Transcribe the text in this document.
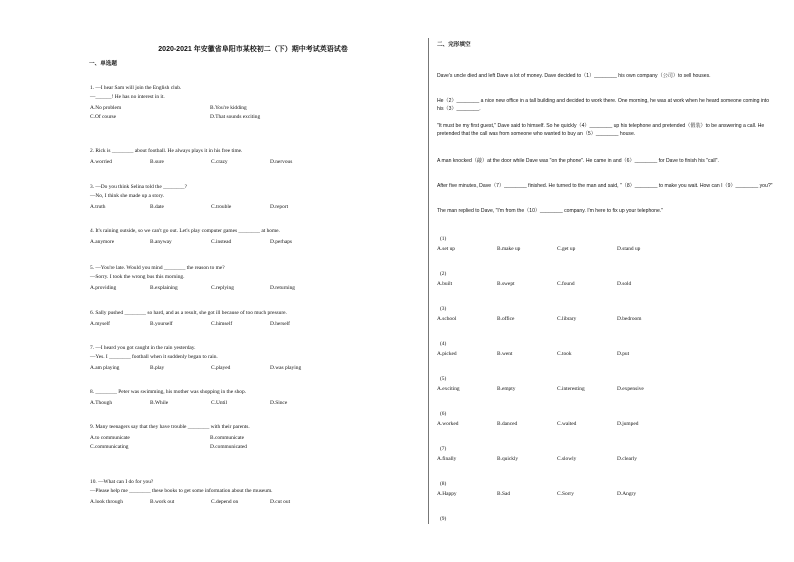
2020-2021 年安徽省阜阳市某校初二（下）期中考试英语试卷
一、单选题
1. —I hear Sam will join the English club.
—______! He has no interest in it.
A.No problem	B.You're kidding
C.Of course	D.That sounds exciting
2. Rick is ________ about football. He always plays it in his free time.
A.worried	B.sure	C.crazy	D.nervous
3. —Do you think Selina told the ________?
—No, I think she made up a story.
A.truth	B.date	C.trouble	D.report
4. It's raining outside, so we can't go out. Let's play computer games ________ at home.
A.anymore	B.anyway	C.instead	D.perhaps
5. —You're late. Would you mind ________ the reason to me?
—Sorry. I took the wrong bus this morning.
A.providing	B.explaining	C.replying	D.returning
6. Sally pushed ________ so hard, and as a result, she got ill because of too much pressure.
A.myself	B.yourself	C.himself	D.herself
7. —I heard you got caught in the rain yesterday.
—Yes. I ________ football when it suddenly began to rain.
A.am playing	B.play	C.played	D.was playing
8. ________ Peter was swimming, his mother was shopping in the shop.
A.Though	B.While	C.Until	D.Since
9. Many teenagers say that they have trouble ________ with their parents.
A.to communicate	B.communicate
C.communicating	D.communicated
10. —What can I do for you?
—Please help me ________ these books to get some information about the museum.
A.look through	B.work out	C.depend on	D.cut out
二、完形填空
Dave's uncle died and left Dave a lot of money. Dave decided to（1）________ his own company（公司）to sell houses.
He（2）________ a nice new office in a tall building and decided to work there. One morning, he was at work when he heard someone coming into his（3）________.
"It must be my first guest," Dave said to himself. So he quickly（4）________ up his telephone and pretended（假装）to be answering a call. He pretended that the call was from someone who wanted to buy an（5）________ house.
A man knocked（敲）at the door while Dave was "on the phone". He came in and（6）________ for Dave to finish his "call".
After five minutes, Dave（7）________ finished. He turned to the man and said, "（8）________ to make you wait. How can I（9）________ you?"
The man replied to Dave, "I'm from the（10）________ company. I'm here to fix up your telephone."
(1)
A.set up	B.make up	C.get up	D.stand up
(2)
A.built	B.swept	C.found	D.sold
(3)
A.school	B.office	C.library	D.bedroom
(4)
A.picked	B.went	C.took	D.put
(5)
A.exciting	B.empty	C.interesting	D.expensive
(6)
A.worked	B.danced	C.waited	D.jumped
(7)
A.finally	B.quickly	C.slowly	D.clearly
(8)
A.Happy	B.Sad	C.Sorry	D.Angry
(9)
